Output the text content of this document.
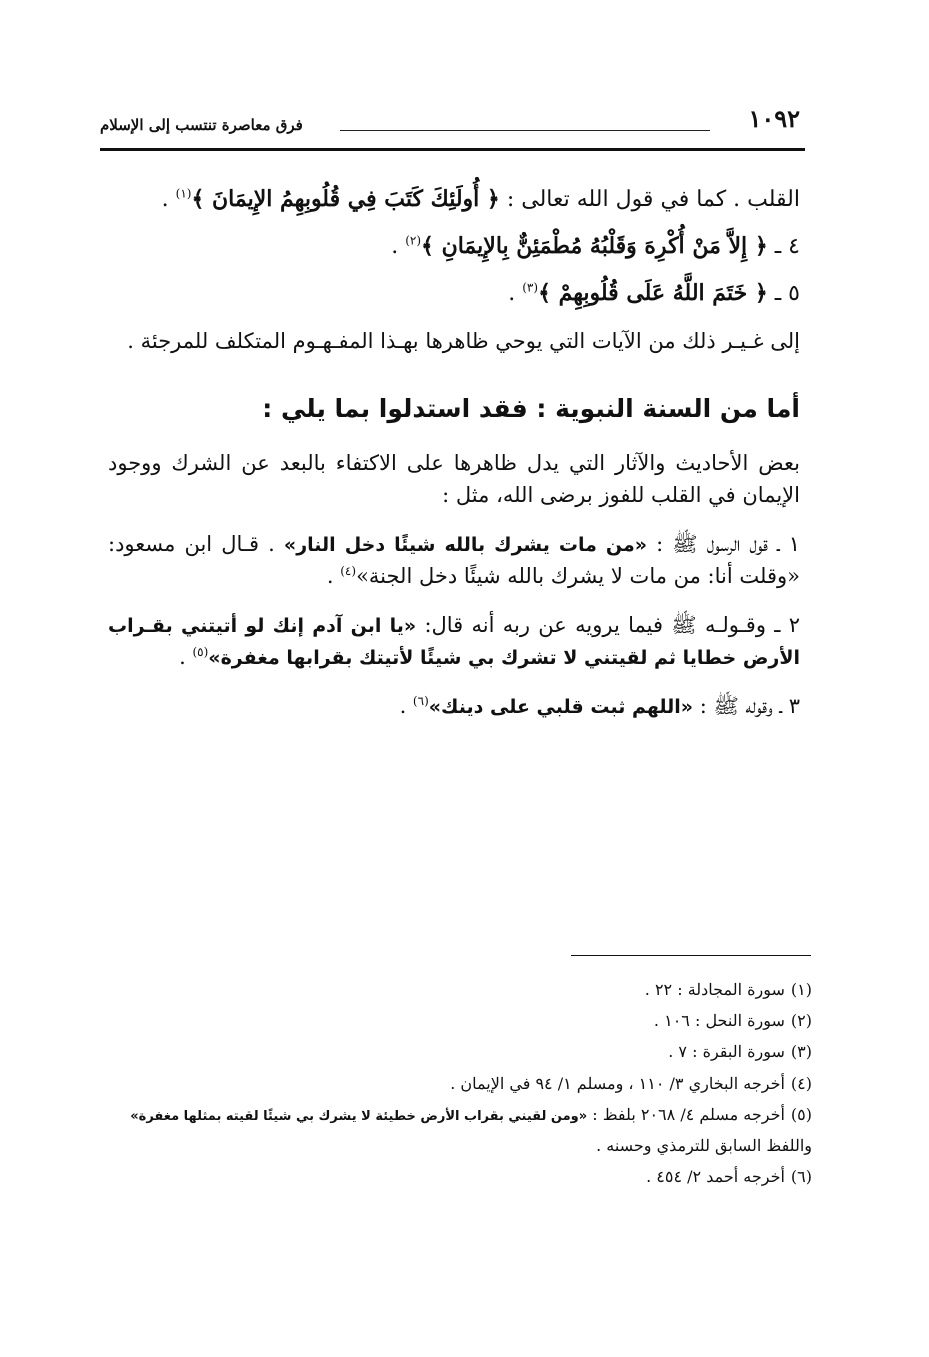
١٠٩٢
فرق معاصرة تنتسب إلى الإسلام

القلب . كما في قول الله تعالى : ﴿ أُولَئِكَ كَتَبَ فِي قُلُوبِهِمُ الإِيمَانَ ﴾$^{(١)}$ .

٤ ـ ﴿ إِلاَّ مَنْ أُكْرِهَ وَقَلْبُهُ مُطْمَئِنٌّ بِالإِيمَانِ ﴾$^{(٢)}$ .

٥ ـ ﴿ خَتَمَ اللَّهُ عَلَى قُلُوبِهِمْ ﴾$^{(٣)}$ .

إلى غـيـر ذلك من الآيات التي يوحي ظاهرها بهـذا المفـهـوم المتكلف للمرجئة .

أما من السنة النبوية : فقد استدلوا بما يلي :

بعض الأحاديث والآثار التي يدل ظاهرها على الاكتفاء بالبعد عن الشرك ووجود الإيمان في القلب للفوز برضى الله، مثل :

١ ـ قول الرسول ﷺ : «من مات يشرك بالله شيئًا دخل النار» . قـال ابن مسعود: «وقلت أنا: من مات لا يشرك بالله شيئًا دخل الجنة»$^{(٤)}$ .

٢ ـ وقـولـه ﷺ فيما يرويه عن ربه أنه قال: «يا ابن آدم إنك لو أتيتني بقـراب الأرض خطايا ثم لقيتني لا تشرك بي شيئًا لأتيتك بقرابها مغفرة»$^{(٥)}$ .

٣ ـ وقوله ﷺ : «اللهم ثبت قلبي على دينك»$^{(٦)}$ .

(١)سورة المجادلة : ٢٢ .

(٢)سورة النحل : ١٠٦ .

(٣)سورة البقرة : ٧ .

(٤)أخرجه البخاري ٣/ ١١٠ ، ومسلم ١/ ٩٤ في الإيمان .

(٥)أخرجه مسلم ٤/ ٢٠٦٨ بلفظ : «ومن لقيني بقراب الأرض خطيئة لا يشرك بي شيئًا لقيته بمثلها مغفرة» واللفظ السابق للترمذي وحسنه .

(٦)أخرجه أحمد ٢/ ٤٥٤ .
